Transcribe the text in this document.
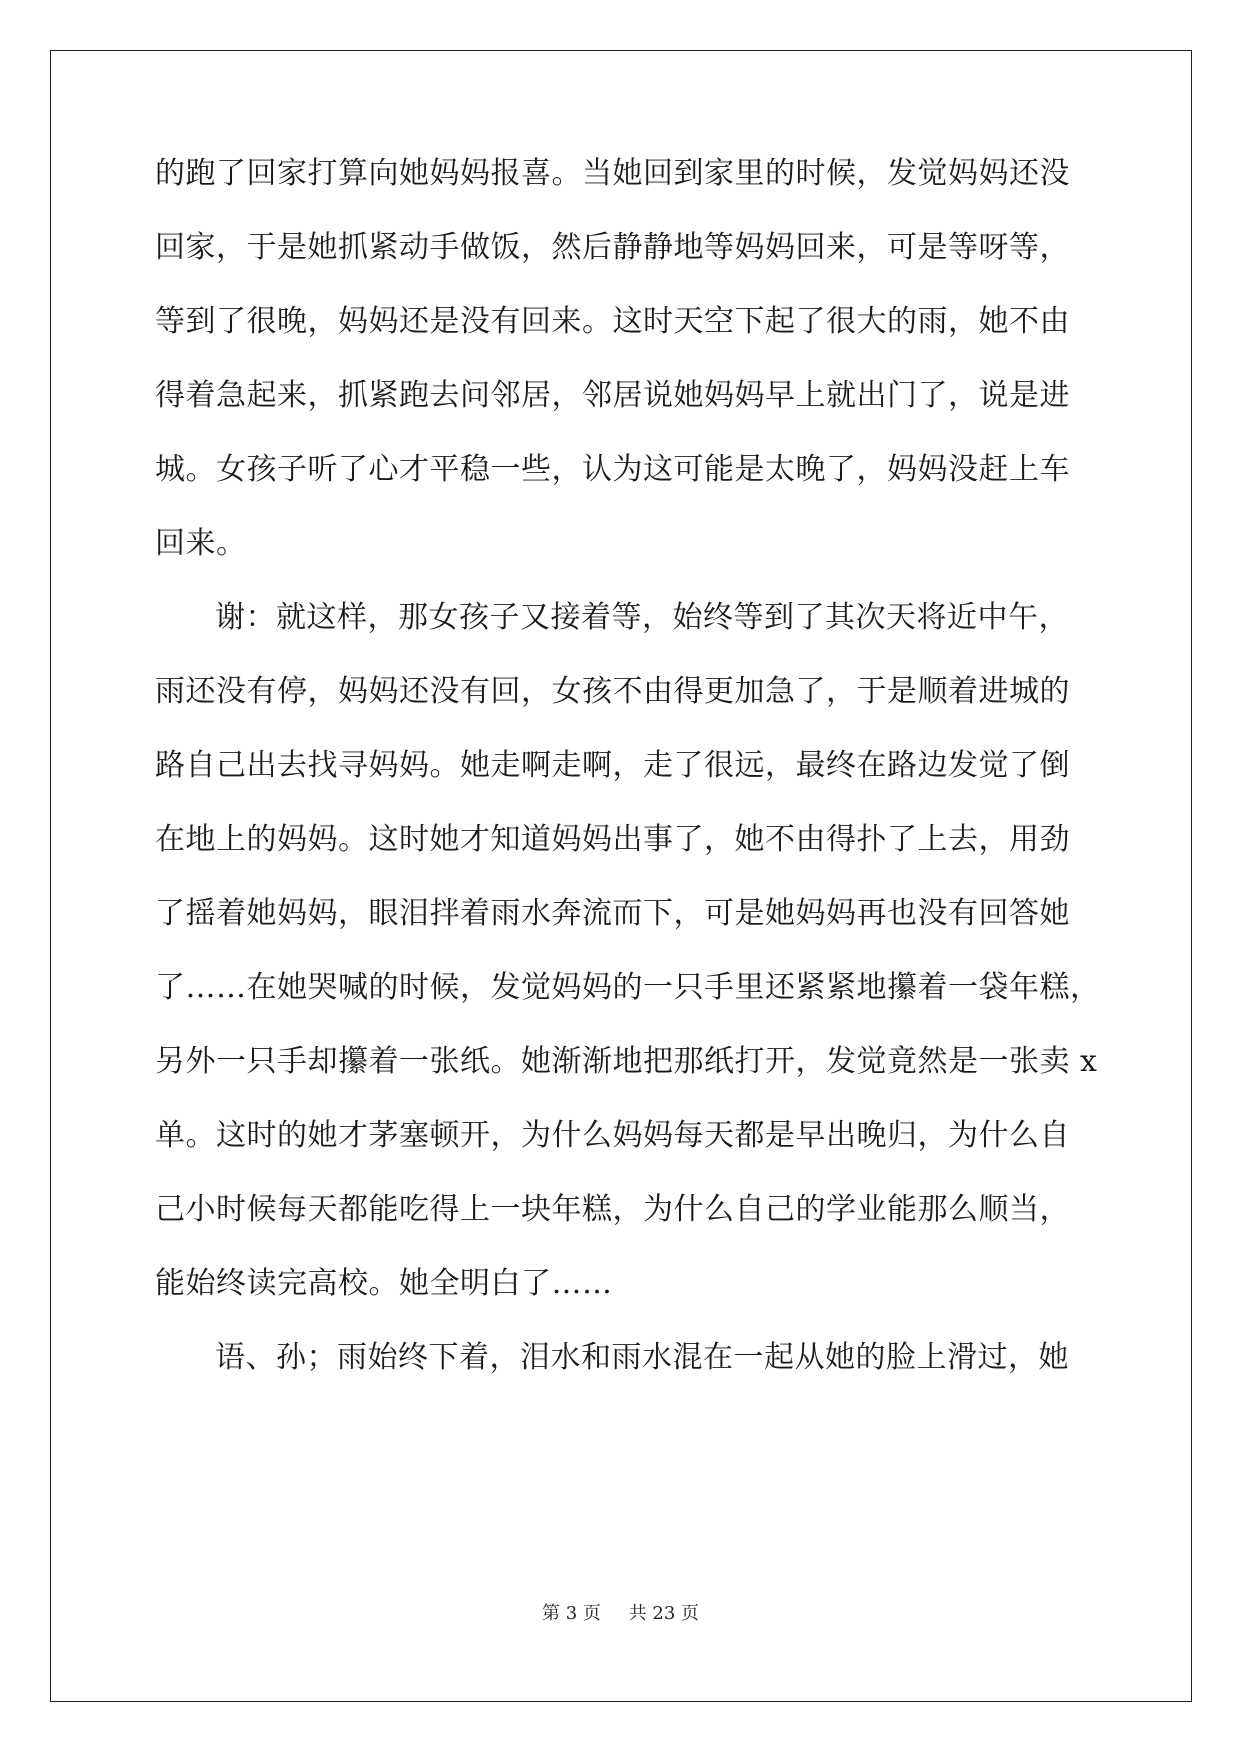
的跑了回家打算向她妈妈报喜。当她回到家里的时候，发觉妈妈还没
回家，于是她抓紧动手做饭，然后静静地等妈妈回来，可是等呀等，
等到了很晚，妈妈还是没有回来。这时天空下起了很大的雨，她不由
得着急起来，抓紧跑去问邻居，邻居说她妈妈早上就出门了，说是进
城。女孩子听了心才平稳一些，认为这可能是太晚了，妈妈没赶上车
回来。
谢：就这样，那女孩子又接着等，始终等到了其次天将近中午，
雨还没有停，妈妈还没有回，女孩不由得更加急了，于是顺着进城的
路自己出去找寻妈妈。她走啊走啊，走了很远，最终在路边发觉了倒
在地上的妈妈。这时她才知道妈妈出事了，她不由得扑了上去，用劲
了摇着她妈妈，眼泪拌着雨水奔流而下，可是她妈妈再也没有回答她
了……在她哭喊的时候，发觉妈妈的一只手里还紧紧地攥着一袋年糕，
另外一只手却攥着一张纸。她渐渐地把那纸打开，发觉竟然是一张卖 x
单。这时的她才茅塞顿开，为什么妈妈每天都是早出晚归，为什么自
己小时候每天都能吃得上一块年糕，为什么自己的学业能那么顺当，
能始终读完高校。她全明白了……
语、孙；雨始终下着，泪水和雨水混在一起从她的脸上滑过，她
第 3 页 共 23 页
